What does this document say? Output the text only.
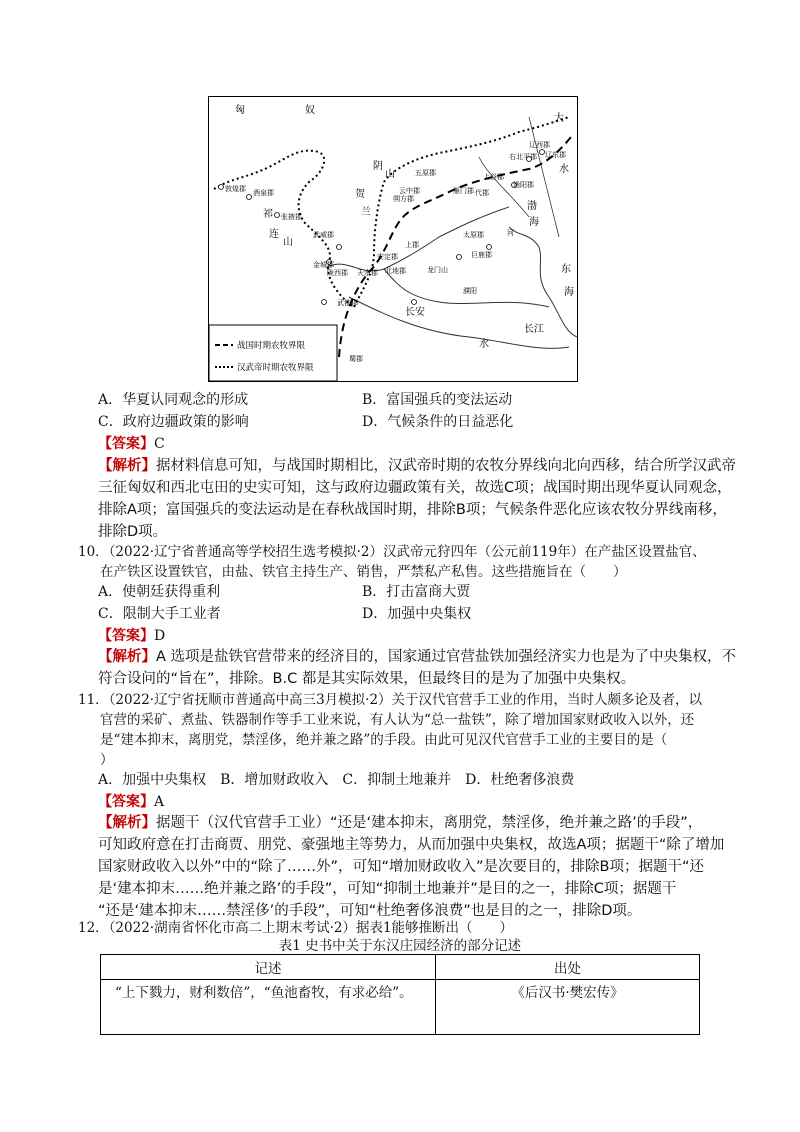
匈	奴
大
水
阴
山
贺
兰
祁
连
山
渤
海
东
海
长江
水
敦煌郡 酒泉郡
张掖郡
武威郡
金城郡
陇西郡 天水郡 北地郡
安定郡
上郡
朔方郡
五原郡
云中郡	雁门郡 代郡
上谷郡
右北平郡
辽西郡
辽东郡
渔阳郡
太原郡
巨鹿郡
濮阳
武都郡
长安
蜀郡
龙门山
河
战国时期农牧界限
汉武帝时期农牧界限
A．华夏认同观念的形成	B．富国强兵的变法运动
C．政府边疆政策的影响	D．气候条件的日益恶化
【答案】C
【解析】据材料信息可知，与战国时期相比，汉武帝时期的农牧分界线向北向西移，结合所学汉武帝
三征匈奴和西北屯田的史实可知，这与政府边疆政策有关，故选C项；战国时期出现华夏认同观念，
排除A项；富国强兵的变法运动是在春秋战国时期，排除B项；气候条件恶化应该农牧分界线南移，
排除D项。
10．（2022·辽宁省普通高等学校招生选考模拟·2）汉武帝元狩四年（公元前119年）在产盐区设置盐官、
在产铁区设置铁官，由盐、铁官主持生产、销售，严禁私产私售。这些措施旨在（　　）
A．使朝廷获得重利	B．打击富商大贾
C．限制大手工业者	D．加强中央集权
【答案】D
【解析】A 选项是盐铁官营带来的经济目的，国家通过官营盐铁加强经济实力也是为了中央集权，不
符合设问的“旨在”，排除。B.C 都是其实际效果，但最终目的是为了加强中央集权。
11．（2022·辽宁省抚顺市普通高中高三3月模拟·2）关于汉代官营手工业的作用，当时人颇多论及者，以
官营的采矿、煮盐、铁器制作等手工业来说，有人认为“总一盐铁”，除了增加国家财政收入以外，还
是“建本抑末，离朋党，禁淫侈，绝并兼之路”的手段。由此可见汉代官营手工业的主要目的是（
）
A．加强中央集权　B．增加财政收入　C．抑制土地兼并　D．杜绝奢侈浪费
【答案】A
【解析】据题干（汉代官营手工业）“还是‘建本抑末，离朋党，禁淫侈，绝并兼之路’的手段”，
可知政府意在打击商贾、朋党、豪强地主等势力，从而加强中央集权，故选A项；据题干“除了增加
国家财政收入以外”中的“除了……外”，可知“增加财政收入”是次要目的，排除B项；据题干“还
是‘建本抑末……绝并兼之路’的手段”，可知“抑制土地兼并”是目的之一，排除C项；据题干
“还是‘建本抑末……禁淫侈’的手段”，可知“杜绝奢侈浪费”也是目的之一，排除D项。
12．（2022·湖南省怀化市高二上期末考试·2）据表1能够推断出（　　）
表1 史书中关于东汉庄园经济的部分记述
记述	出处
“上下戮力，财利数倍”，“鱼池畜牧，有求必给”。	《后汉书·樊宏传》
